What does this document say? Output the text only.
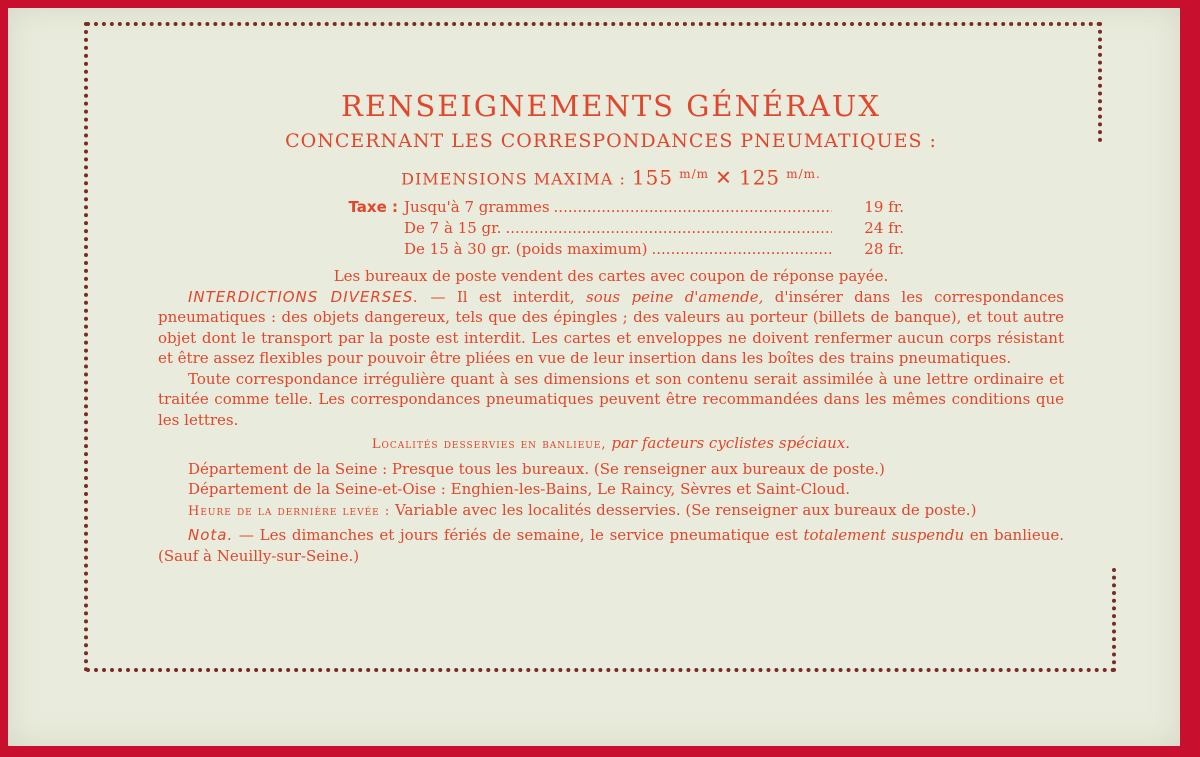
RENSEIGNEMENTS GÉNÉRAUX
CONCERNANT LES CORRESPONDANCES PNEUMATIQUES :

DIMENSIONS MAXIMA : 155 $^{m/m}$ ✕ 125 $^{m/m.}$

Taxe : Jusqu'à 7 grammes .....	19 fr.
De 7 à 15 gr. .....	24 fr.
De 15 à 30 gr. (poids maximum) .....	28 fr.

Les bureaux de poste vendent des cartes avec coupon de réponse payée.

INTERDICTIONS DIVERSES. — Il est interdit, sous peine d'amende, d'insérer dans les correspondances pneumatiques : des objets dangereux, tels que des épingles ; des valeurs au porteur (billets de banque), et tout autre objet dont le transport par la poste est interdit. Les cartes et enveloppes ne doivent renfermer aucun corps résistant et être assez flexibles pour pouvoir être pliées en vue de leur insertion dans les boîtes des trains pneumatiques.

Toute correspondance irrégulière quant à ses dimensions et son contenu serait assimilée à une lettre ordinaire et traitée comme telle. Les correspondances pneumatiques peuvent être recommandées dans les mêmes conditions que les lettres.

Localités desservies en banlieue, par facteurs cyclistes spéciaux.

Département de la Seine : Presque tous les bureaux. (Se renseigner aux bureaux de poste.)

Département de la Seine-et-Oise : Enghien-les-Bains, Le Raincy, Sèvres et Saint-Cloud.

Heure de la dernière levée : Variable avec les localités desservies. (Se renseigner aux bureaux de poste.)

Nota. — Les dimanches et jours fériés de semaine, le service pneumatique est totalement suspendu en banlieue. (Sauf à Neuilly-sur-Seine.)
